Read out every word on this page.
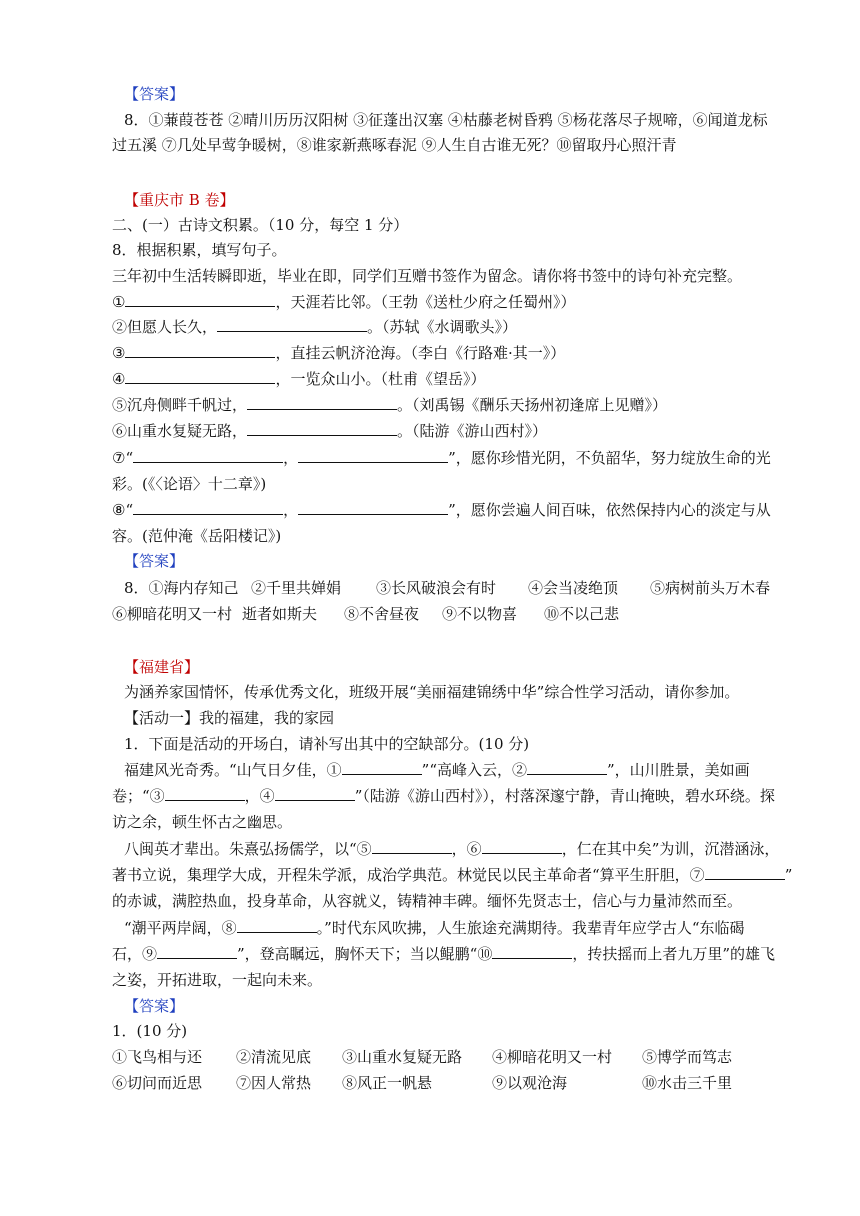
【答案】
8．①蒹葭苍苍 ②晴川历历汉阳树 ③征蓬出汉塞 ④枯藤老树昏鸦 ⑤杨花落尽子规啼，⑥闻道龙标
过五溪 ⑦几处早莺争暖树，⑧谁家新燕啄春泥 ⑨人生自古谁无死？⑩留取丹心照汗青
【重庆市 B 卷】
二、(一）古诗文积累。（10 分，每空 1 分）
8．根据积累，填写句子。
三年初中生活转瞬即逝，毕业在即，同学们互赠书签作为留念。请你将书签中的诗句补充完整。
①	，天涯若比邻。（王勃《送杜少府之任蜀州》）
②但愿人长久，	。（苏轼《水调歌头》）
③	，直挂云帆济沧海。（李白《行路难·其一》）
④	，一览众山小。（杜甫《望岳》）
⑤沉舟侧畔千帆过，	。（刘禹锡《酬乐天扬州初逢席上见赠》）
⑥山重水复疑无路，	。（陆游《游山西村》）
⑦“	，	”，愿你珍惜光阴，不负韶华，努力绽放生命的光
彩。(《〈论语〉十二章》)
⑧“	，	”，愿你尝遍人间百味，依然保持内心的淡定与从
容。(范仲淹《岳阳楼记》)
【答案】
8．①海内存知己 ②千里共婵娟 ③长风破浪会有时 ④会当凌绝顶 ⑤病树前头万木春
⑥柳暗花明又一村 逝者如斯夫 ⑧不舍昼夜 ⑨不以物喜 ⑩不以己悲
【福建省】
为涵养家国情怀，传承优秀文化，班级开展“美丽福建锦绣中华”综合性学习活动，请你参加。
【活动一】我的福建，我的家园
1．下面是活动的开场白，请补写出其中的空缺部分。(10 分)
福建风光奇秀。“山气日夕佳，①	”“高峰入云，②	”，山川胜景，美如画
卷；“③	，④	”（陆游《游山西村》），村落深邃宁静，青山掩映，碧水环绕。探
访之余，顿生怀古之幽思。
八闽英才辈出。朱熹弘扬儒学，以“⑤	，⑥	，仁在其中矣”为训，沉潜涵泳，
著书立说，集理学大成，开程朱学派，成治学典范。林觉民以民主革命者“算平生肝胆，⑦	”
的赤诚，满腔热血，投身革命，从容就义，铸精神丰碑。缅怀先贤志士，信心与力量沛然而至。
“潮平两岸阔，⑧	。”时代东风吹拂，人生旅途充满期待。我辈青年应学古人“东临碣
石，⑨	”，登高瞩远，胸怀天下；当以鲲鹏“⑩	，抟扶摇而上者九万里”的雄飞
之姿，开拓进取，一起向未来。
【答案】
1．(10 分)
①飞鸟相与还 ②清流见底 ③山重水复疑无路 ④柳暗花明又一村 ⑤博学而笃志
⑥切问而近思 ⑦因人常热 ⑧风正一帆悬	⑨以观沧海	⑩水击三千里
